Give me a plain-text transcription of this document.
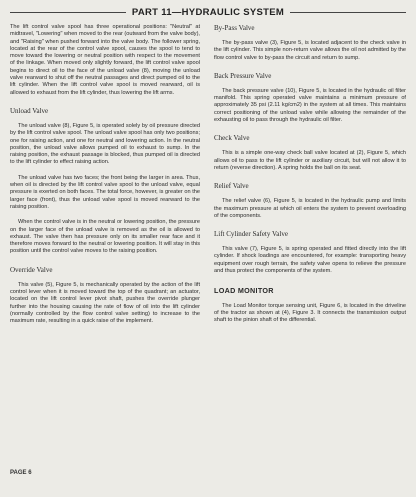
PART 11—HYDRAULIC SYSTEM

The lift control valve spool has three operational positions: "Neutral" at midtravel, "Lowering" when moved to the rear (outward from the valve body), and "Raising" when pushed forward into the valve body. The follower spring, located at the rear of the control valve spool, causes the spool to tend to move toward the lowering or neutral position with respect to the movement of the linkage. When moved only slightly forward, the lift control valve spool begins to direct oil to the face of the unload valve (8), moving the unload valve rearward to shut off the neutral passages and direct pumped oil to the lift cylinder. When the lift control valve spool is moved rearward, oil is allowed to exhaust from the lift cylinder, thus lowering the lift arms.

Unload Valve

The unload valve (8), Figure 5, is operated solely by oil pressure directed by the lift control valve spool. The unload valve spool has only two positions; one for raising action, and one for neutral and lowering action. In the neutral position, the unload valve allows pumped oil to exhaust to sump. In the raising position, the exhaust passage is blocked, thus pumped oil is directed to the lift cylinder to effect raising action.

The unload valve has two faces; the front being the larger in area. Thus, when oil is directed by the lift control valve spool to the unload valve, equal pressure is exerted on both faces. The total force, however, is greater on the larger face (front), thus the unload valve spool is moved rearward to the raising position.

When the control valve is in the neutral or lowering position, the pressure on the larger face of the unload valve is removed as the oil is allowed to exhaust. The valve then has pressure only on its smaller rear face and it therefore moves forward to the neutral or lowering position. It will stay in this position until the control valve moves to the raising position.

Override Valve

This valve (5), Figure 5, is mechanically operated by the action of the lift control lever when it is moved toward the top of the quadrant; an actuator, located on the lift control lever pivot shaft, pushes the override plunger further into the housing causing the rate of flow of oil into the lift cylinder (normally controlled by the flow control valve setting) to increase to the maximum rate, resulting in a quick raise of the implement.

By-Pass Valve

The by-pass valve (3), Figure 5, is located adjacent to the check valve in the lift cylinder. This simple non-return valve allows the oil not admitted by the flow control valve to by-pass the circuit and return to sump.

Back Pressure Valve

The back pressure valve (10), Figure 5, is located in the hydraulic oil filter manifold. This spring operated valve maintains a minimum pressure of approximately 35 psi (2.11 kg/cm2) in the system at all times. This maintains correct positioning of the unload valve while allowing the remainder of the exhausting oil to pass through the hydraulic oil filter.

Check Valve

This is a simple one-way check ball valve located at (2), Figure 5, which allows oil to pass to the lift cylinder or auxiliary circuit, but will not allow it to return (reverse direction). A spring holds the ball on its seat.

Relief Valve

The relief valve (6), Figure 5, is located in the hydraulic pump and limits the maximum pressure at which oil enters the system to prevent overloading of the components.

Lift Cylinder Safety Valve

This valve (7), Figure 5, is spring operated and fitted directly into the lift cylinder. If shock loadings are encountered, for example: transporting heavy equipment over rough terrain, the safety valve opens to relieve the pressure and thus protect the components of the system.

LOAD MONITOR

The Load Monitor torque sensing unit, Figure 6, is located in the driveline of the tractor as shown at (4), Figure 3. It connects the transmission output shaft to the pinion shaft of the differential.

PAGE 6
